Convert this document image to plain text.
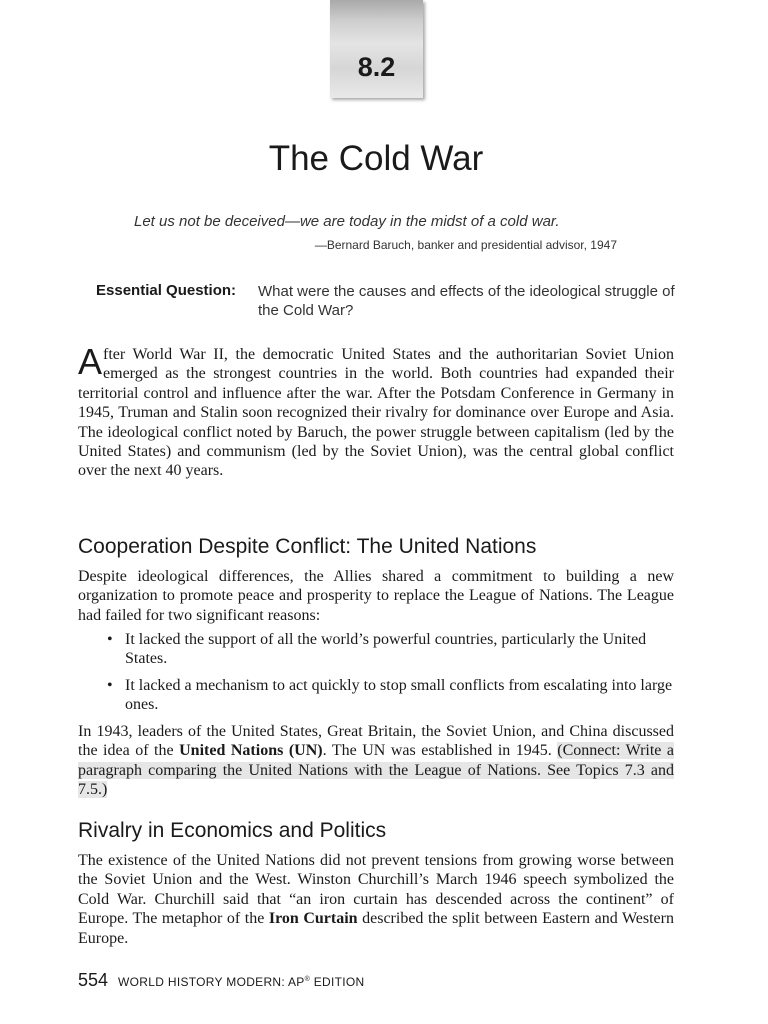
8.2
The Cold War
Let us not be deceived—we are today in the midst of a cold war.
—Bernard Baruch, banker and presidential advisor, 1947
Essential Question: What were the causes and effects of the ideological struggle of the Cold War?
After World War II, the democratic United States and the authoritarian Soviet Union emerged as the strongest countries in the world. Both countries had expanded their territorial control and influence after the war. After the Potsdam Conference in Germany in 1945, Truman and Stalin soon recognized their rivalry for dominance over Europe and Asia. The ideological conflict noted by Baruch, the power struggle between capitalism (led by the United States) and communism (led by the Soviet Union), was the central global conflict over the next 40 years.
Cooperation Despite Conflict: The United Nations
Despite ideological differences, the Allies shared a commitment to building a new organization to promote peace and prosperity to replace the League of Nations. The League had failed for two significant reasons:
• It lacked the support of all the world’s powerful countries, particularly the United States.
• It lacked a mechanism to act quickly to stop small conflicts from escalating into large ones.
In 1943, leaders of the United States, Great Britain, the Soviet Union, and China discussed the idea of the United Nations (UN). The UN was established in 1945. (Connect: Write a paragraph comparing the United Nations with the League of Nations. See Topics 7.3 and 7.5.)
Rivalry in Economics and Politics
The existence of the United Nations did not prevent tensions from growing worse between the Soviet Union and the West. Winston Churchill’s March 1946 speech symbolized the Cold War. Churchill said that “an iron curtain has descended across the continent” of Europe. The metaphor of the Iron Curtain described the split between Eastern and Western Europe.
554 WORLD HISTORY MODERN: AP® EDITION
